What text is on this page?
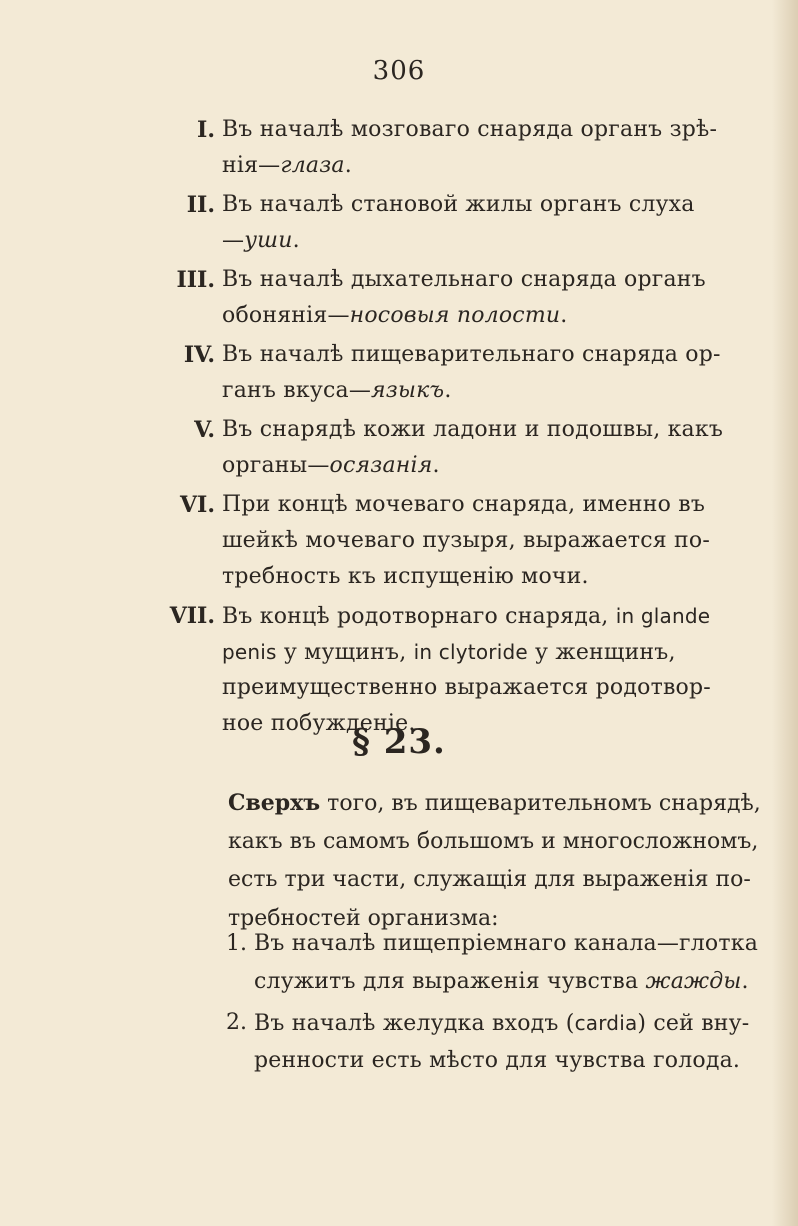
306
I. Въ началѣ мозговаго снаряда органъ зрѣ-
нія—глаза.
II. Въ началѣ становой жилы органъ слуха
—уши.
III. Въ началѣ дыхательнаго снаряда органъ
обонянія—носовыя полости.
IV. Въ началѣ пищеварительнаго снаряда ор-
ганъ вкуса—языкъ.
V. Въ снарядѣ кожи ладони и подошвы, какъ
органы—осязанія.
VI. При концѣ мочеваго снаряда, именно въ
шейкѣ мочеваго пузыря, выражается по-
требность къ испущенію мочи.
VII. Въ концѣ родотворнаго снаряда, in glande
penis у мущинъ, in clytoride у женщинъ,
преимущественно выражается родотвор-
ное побужденіе.
§ 23.
Сверхъ того, въ пищеварительномъ снарядѣ,
какъ въ самомъ большомъ и многосложномъ,
есть три части, служащія для выраженія по-
требностей организма:
1. Въ началѣ пищепріемнаго канала—глотка
служитъ для выраженія чувства жажды.
2. Въ началѣ желудка входъ (cardia) сей вну-
ренности есть мѣсто для чувства голода.
